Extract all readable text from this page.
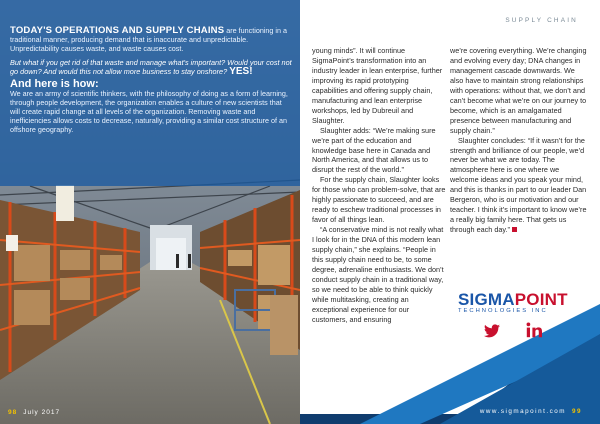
TODAY'S OPERATIONS AND SUPPLY CHAINS are functioning in a traditional manner, producing demand that is inaccurate and unpredictable. Unpredictability causes waste, and waste causes cost.

But what if you get rid of that waste and manage what's important? Would your cost not go down? And would this not allow more business to stay onshore? YES!

And here is how:

We are an army of scientific thinkers, with the philosophy of doing as a form of learning, through people development, the organization enables a culture of new scientists that will create rapid change at all levels of the organization. Removing waste and inefficiencies allows costs to decrease, naturally, providing a similar cost structure of an offshore geography.

98 July 2017
SUPPLY CHAIN

young minds”. It will continue SigmaPoint’s transformation into an industry leader in lean enterprise, further improving its rapid prototyping capabilities and offering supply chain, manufacturing and lean enterprise workshops, led by Dubreuil and Slaughter.

Slaughter adds: “We’re making sure we’re part of the education and knowledge base here in Canada and North America, and that allows us to disrupt the rest of the world.”

For the supply chain, Slaughter looks for those who can problem-solve, that are highly passionate to succeed, and are ready to eschew traditional processes in favor of all things lean.

“A conservative mind is not really what I look for in the DNA of this modern lean supply chain,” she explains. “People in this supply chain need to be, to some degree, adrenaline enthusiasts. We don’t conduct supply chain in a traditional way, so we need to be able to think quickly while multitasking, creating an exceptional experience for our customers, and ensuring

we’re covering everything. We’re changing and evolving every day; DNA changes in management cascade downwards. We also have to maintain strong relationships with operations: without that, we don’t and can’t become what we’re on our journey to become, which is an amalgamated presence between manufacturing and supply chain.”

Slaughter concludes: “If it wasn’t for the strength and brilliance of our people, we’d never be what we are today. The atmosphere here is one where we welcome ideas and you speak your mind, and this is thanks in part to our leader Dan Bergeron, who is our motivation and our teacher. I think it’s important to know we’re a really big family here. That gets us through each day.”

SIGMAPOINT
TECHNOLOGIES INC
www.sigmapoint.com 99
